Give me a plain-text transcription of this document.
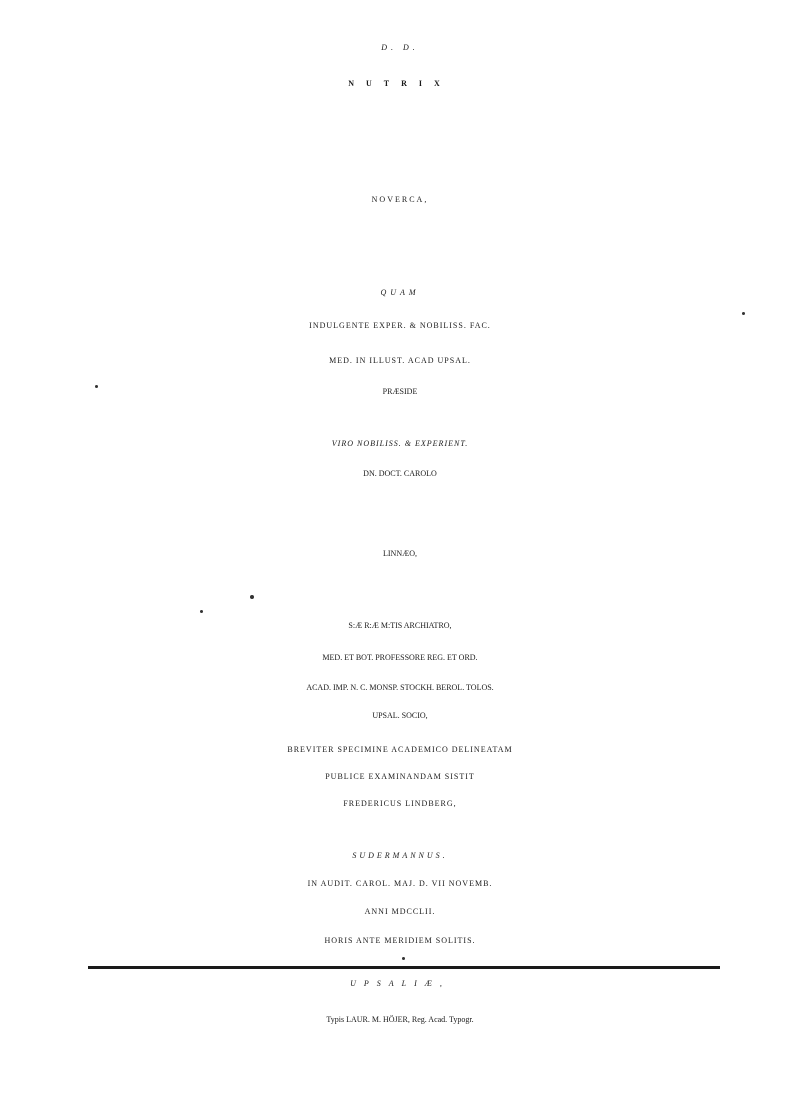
D. D.

NUTRIX

NOVERCA,

QUAM

INDULGENTE EXPER. & NOBILISS. FAC.

MED. IN ILLUST. ACAD UPSAL.

PRÆSIDE

VIRO NOBILISS. & EXPERIENT.

DN. DOCT. CAROLO

LINNÆO,

S:Æ R:Æ M:TIS ARCHIATRO,

MED. ET BOT. PROFESSORE REG. ET ORD.

ACAD. IMP. N. C. MONSP. STOCKH. BEROL. TOLOS.

UPSAL. SOCIO,

BREVITER SPECIMINE ACADEMICO DELINEATAM

PUBLICE EXAMINANDAM SISTIT

FREDERICUS LINDBERG,

SUDERMANNUS.

IN AUDIT. CAROL. MAJ. D. VII NOVEMB.

ANNI MDCCLII.

HORIS ANTE MERIDIEM SOLITIS.

UPSALIÆ,

Typis LAUR. M. HÖJER, Reg. Acad. Typogr.
